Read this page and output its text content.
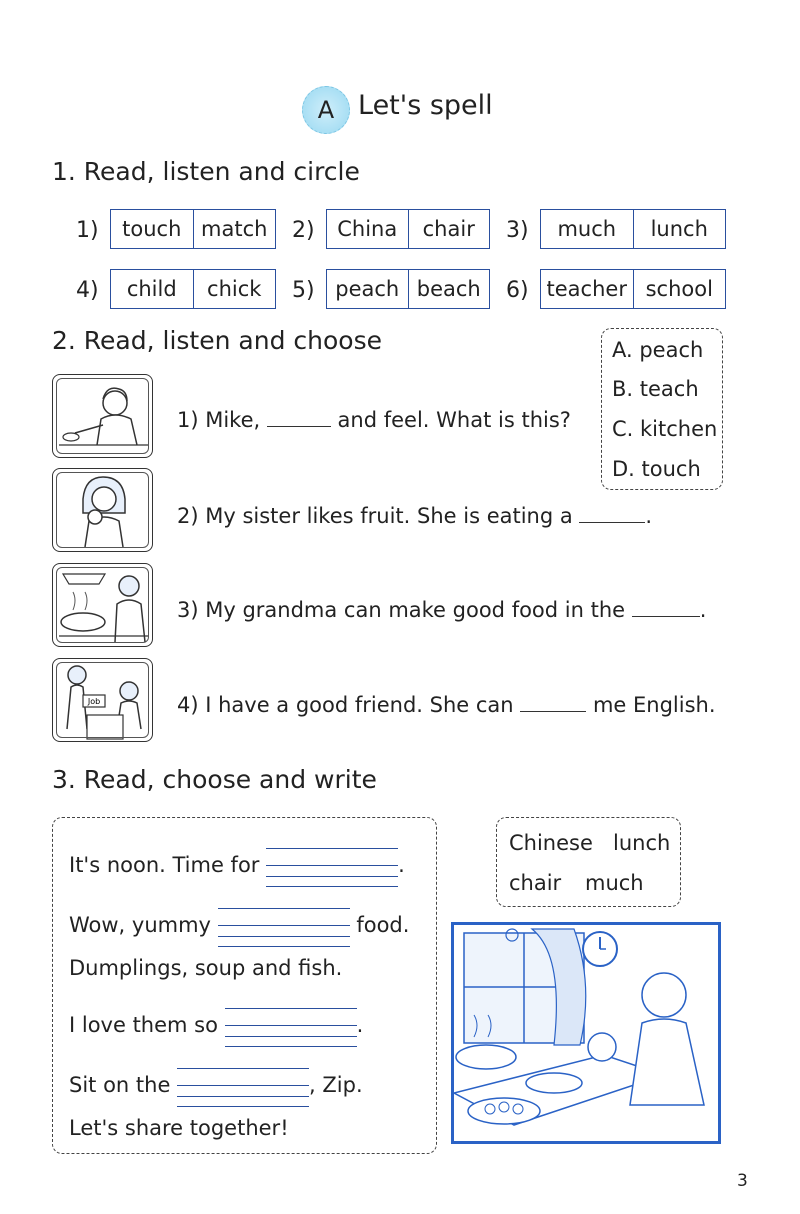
A Let's spell
1. Read, listen and circle
1)	touch match	2)	China	chair	3)	much	lunch
4)	child	chick	5) peach beach	6) teacher school
2. Read, listen and choose	A. peach
B. teach
C. kitchen
D. touch
1) Mike,	and feel. What is this?
2) My sister likes fruit. She is eating a	.
3) My grandma can make good food in the	.
Job	4) I have a good friend. She can	me English.
3. Read, choose and write
It's noon. Time for	.
Wow, yummy	food.
Dumplings, soup and fish.
I love them so	.
Sit on the	, Zip.
Let's share together!
Chinese lunch
chair much
3
